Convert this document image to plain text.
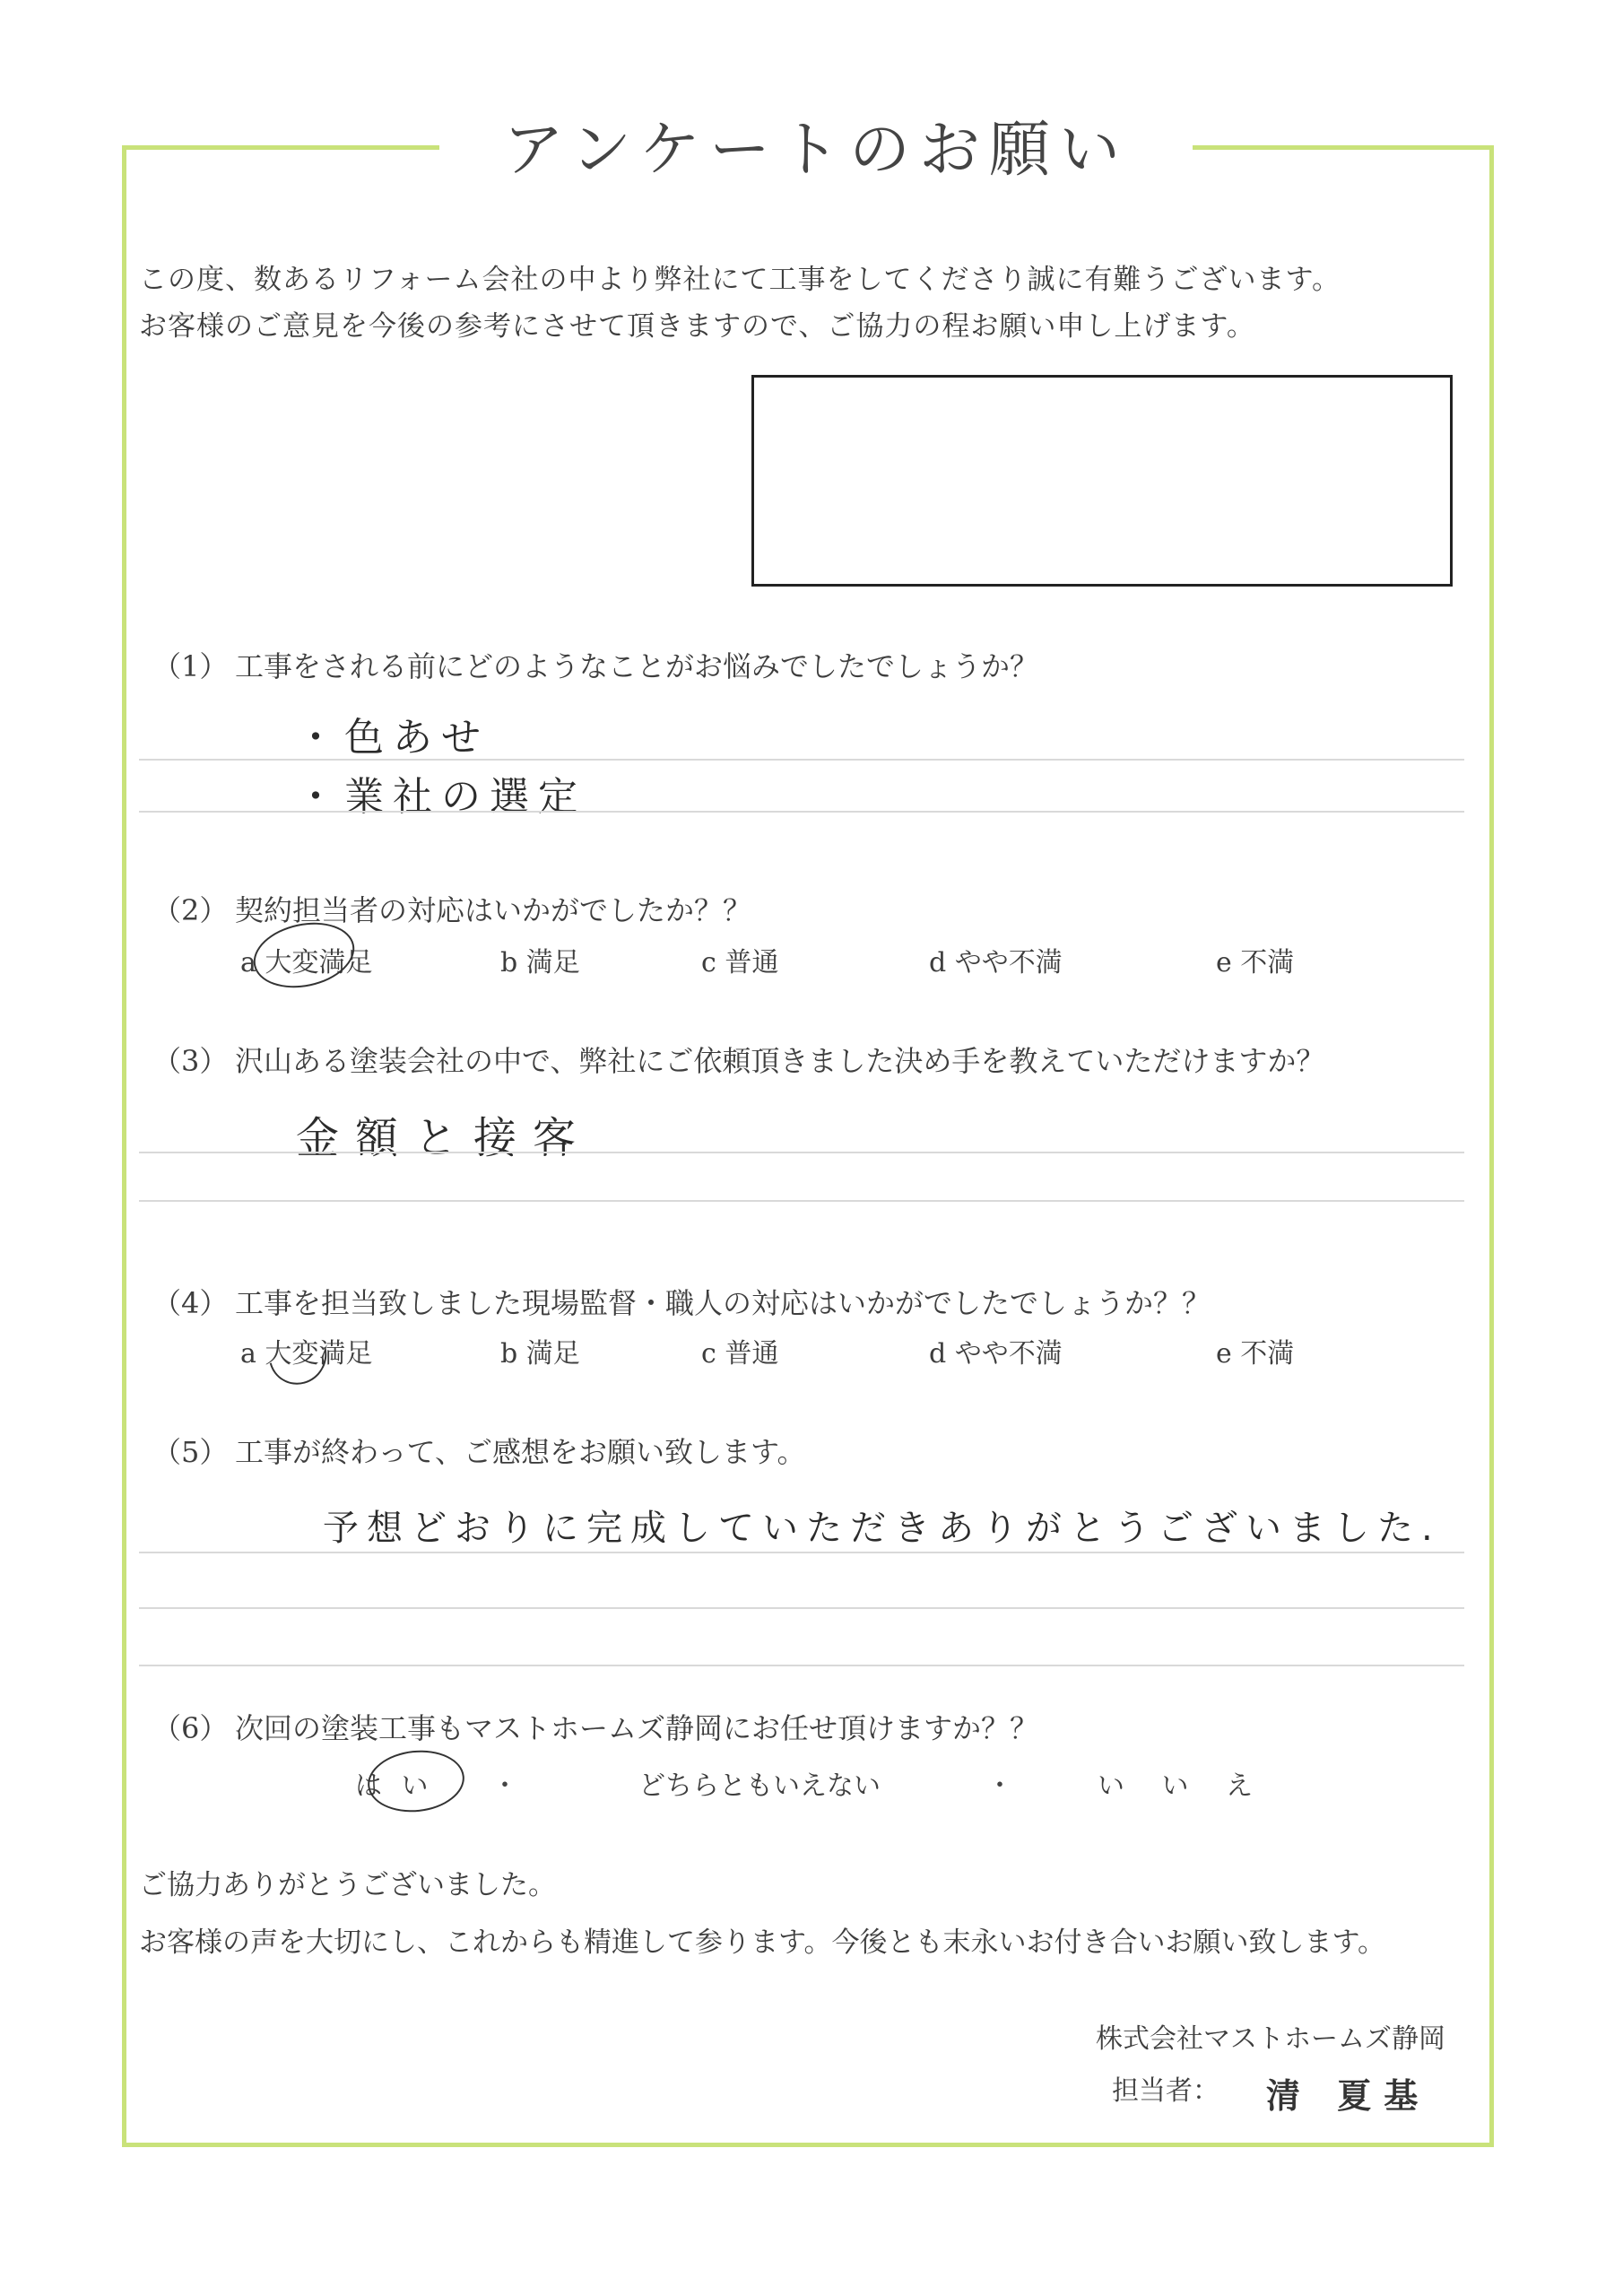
アンケートのお願い
この度、数あるリフォーム会社の中より弊社にて工事をしてくださり誠に有難うございます。
お客様のご意見を今後の参考にさせて頂きますので、ご協力の程お願い申し上げます。
（1） 工事をされる前にどのようなことがお悩みでしたでしょうか？
・色あせ
・業社の選定
（2） 契約担当者の対応はいかがでしたか？？
a 大変満足	b 満足	c 普通	d やや不満	e 不満
（3） 沢山ある塗装会社の中で、弊社にご依頼頂きました決め手を教えていただけますか？
金額と接客
（4） 工事を担当致しました現場監督・職人の対応はいかがでしたでしょうか？？
a 大変満足	b 満足	c 普通	d やや不満	e 不満
（5） 工事が終わって、ご感想をお願い致します。
予想どおりに完成していただきありがとうございました.
（6） 次回の塗装工事もマストホームズ静岡にお任せ頂けますか？？
は い ・	どちらともいえない	・	い い え
ご協力ありがとうございました。
お客様の声を大切にし、これからも精進して参ります。今後とも末永いお付き合いお願い致します。
株式会社マストホームズ静岡
担当者： 清 夏基
